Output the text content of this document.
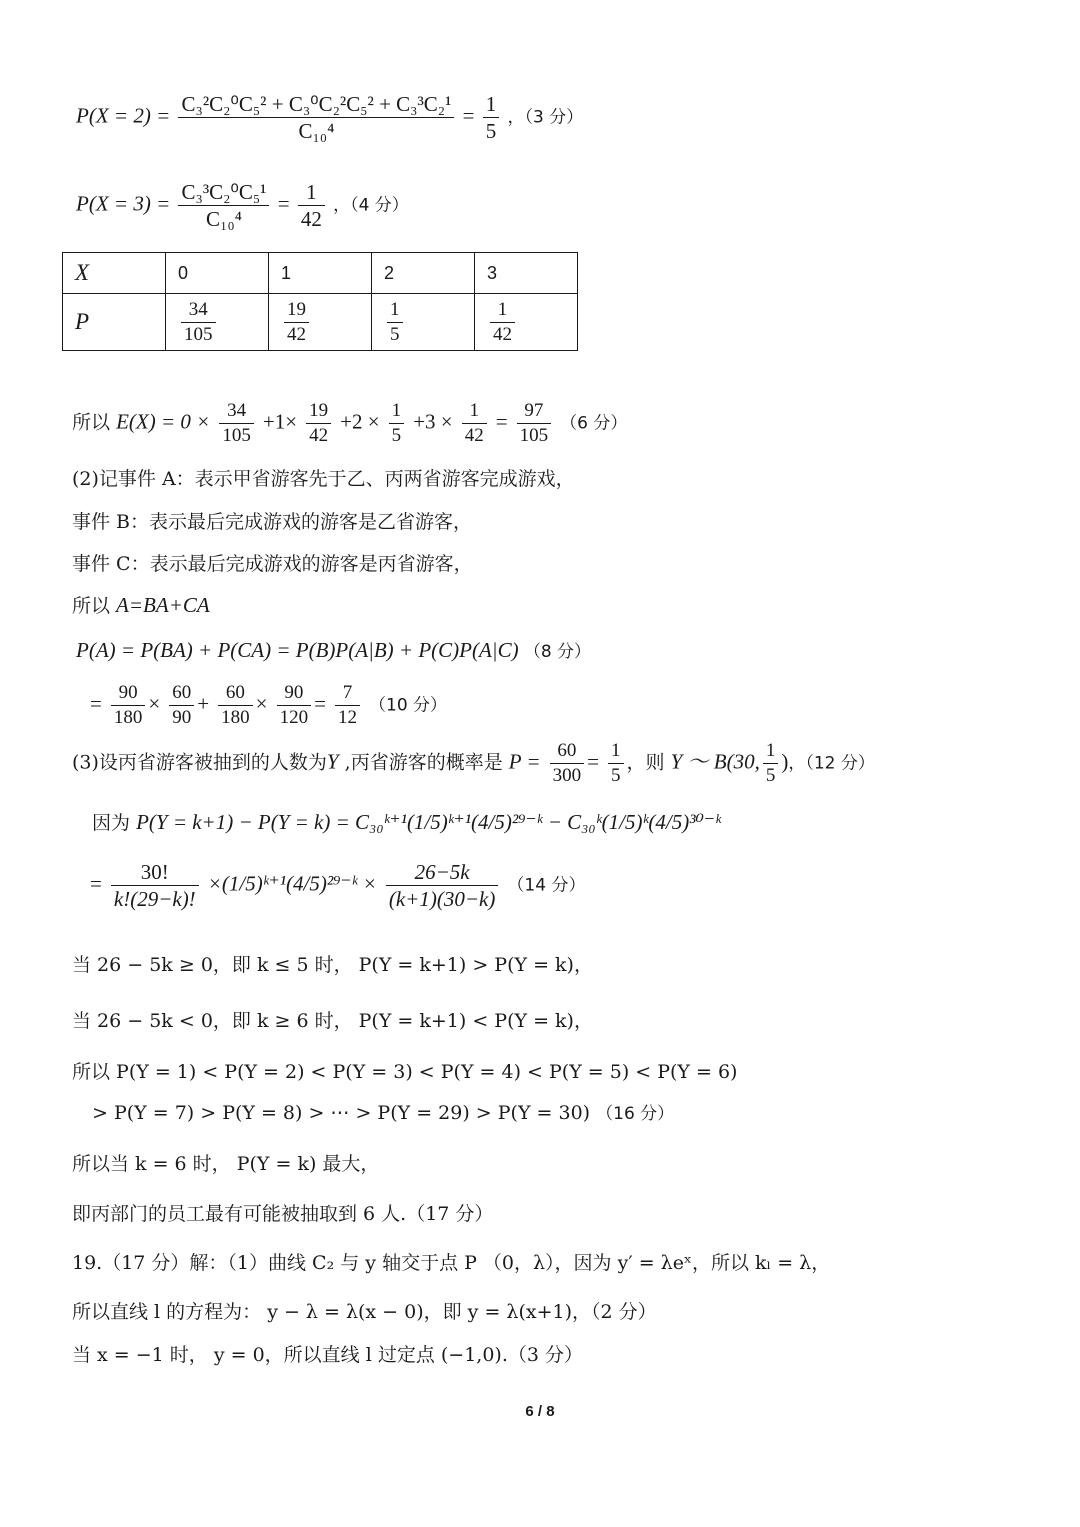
$P(X = 2) = \frac{\text{C₃²C₂⁰C₅² + C₃⁰C₂²C₅² + C₃³C₂¹}}{\text{C₁₀⁴}} = \frac{1}{5}$ ，（3 分）
$P(X = 3) = \frac{\text{C₃³C₂⁰C₅¹}}{\text{C₁₀⁴}} = \frac{1}{42}$ ，（4 分）
X	0	1	2	3
P	$\frac{34}{105}$	$\frac{19}{42}$	$\frac{1}{5}$	$\frac{1}{42}$
所以 $E(X) = 0 \times \frac{34}{105} +1\times \frac{19}{42} +2 \times \frac{1}{5} +3 \times \frac{1}{42} = \frac{97}{105} (6$ 分）
(2)记事件 A：表示甲省游客先于乙、丙两省游客完成游戏，
事件 B：表示最后完成游戏的游客是乙省游客，
事件 C：表示最后完成游戏的游客是丙省游客，
所以 A=BA+CA
P(A) = P(BA) + P(CA) = P(B)P(A|B) + P(C)P(A|C) （8 分）
= $\frac{90}{180} \times \frac{60}{90} + \frac{60}{180} \times \frac{90}{120} = \frac{7}{12} (10$ 分）
(3)设丙省游客被抽到的人数为Y ,丙省游客的概率是 $P = \frac{60}{300} = \frac{1}{5}$ ，则 Y ～ B(30, $\frac{1}{5}$ )，（12 分）
因为 P(Y = k+1) − P(Y = k) = C₃₀ᵏ⁺¹(1/5)ᵏ⁺¹(4/5)²⁹⁻ᵏ − C₃₀ᵏ(1/5)ᵏ(4/5)³⁰⁻ᵏ
= $\frac{30!}{k!(29-k)!}$ ×(1/5)ᵏ⁺¹(4/5)²⁹⁻ᵏ × $\frac{26-5k}{(k+1)(30-k)} (14$ 分）
当 26 − 5k ≥ 0，即 k ≤ 5 时， P(Y = k+1) > P(Y = k)，
当 26 − 5k < 0，即 k ≥ 6 时， P(Y = k+1) < P(Y = k)，
所以 P(Y = 1) < P(Y = 2) < P(Y = 3) < P(Y = 4) < P(Y = 5) < P(Y = 6)
> P(Y = 7) > P(Y = 8) > ⋯ > P(Y = 29) > P(Y = 30) （16 分）
所以当 k = 6 时， P(Y = k) 最大，
即丙部门的员工最有可能被抽取到 6 人.（17 分）
19.（17 分）解：（1）曲线 C₂ 与 y 轴交于点 P （0，λ），因为 y′ = λeˣ，所以 kₗ = λ，
所以直线 l 的方程为： y − λ = λ(x − 0)，即 y = λ(x+1)，（2 分）
当 x = −1 时， y = 0，所以直线 l 过定点 (−1,0).（3 分）
6 / 8
